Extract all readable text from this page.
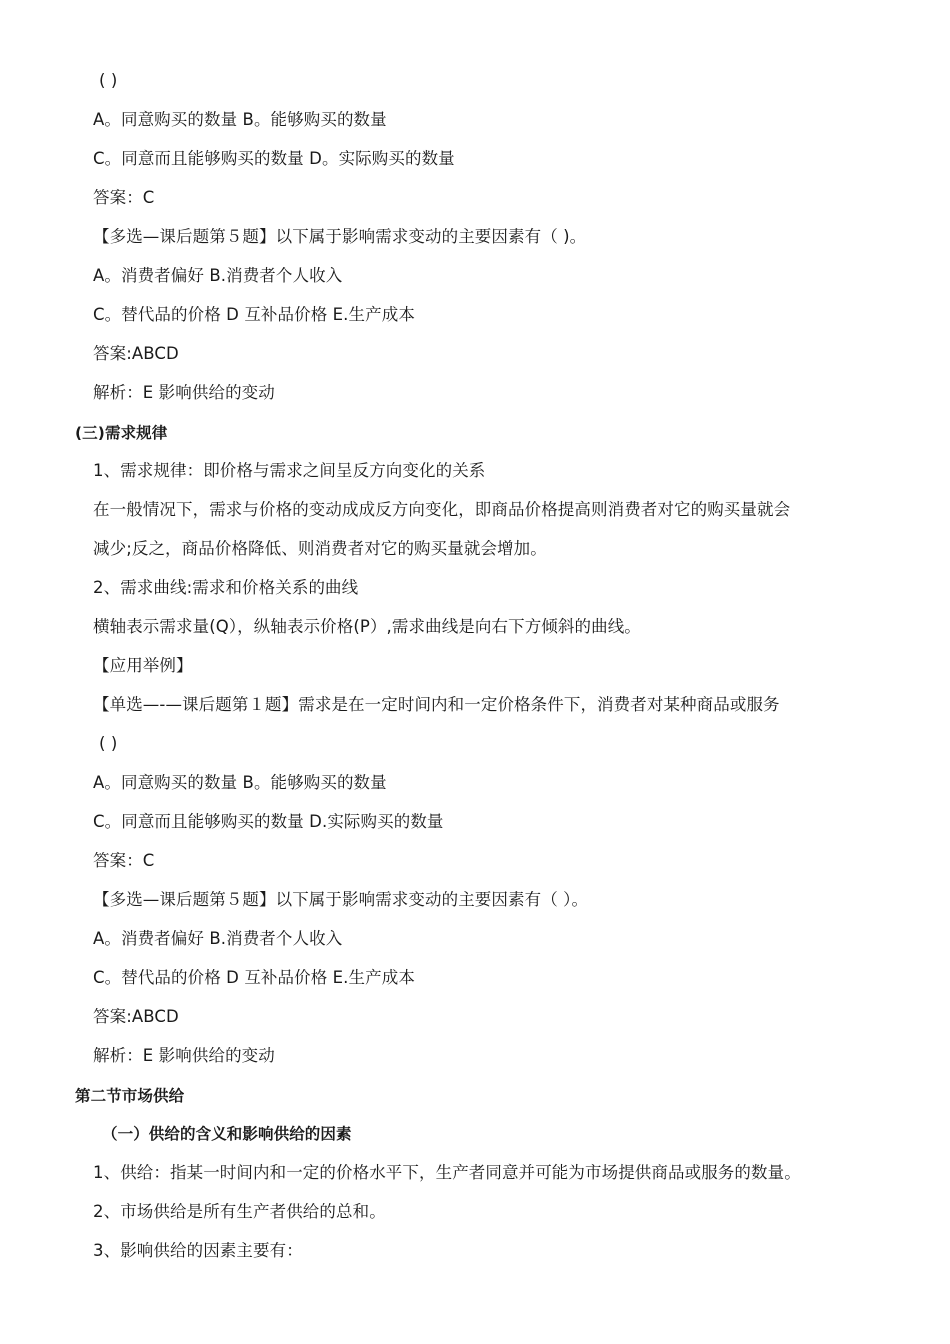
( )
A。同意购买的数量 B。能够购买的数量
C。同意而且能够购买的数量 D。实际购买的数量
答案：C
【多选—课后题第５题】以下属于影响需求变动的主要因素有（ )。
A。消费者偏好 B.消费者个人收入
C。替代品的价格 D 互补品价格 E.生产成本
答案:ABCD
解析：E 影响供给的变动
(三)需求规律
1、需求规律：即价格与需求之间呈反方向变化的关系
在一般情况下，需求与价格的变动成成反方向变化，即商品价格提高则消费者对它的购买量就会
减少;反之，商品价格降低、则消费者对它的购买量就会增加。
2、需求曲线:需求和价格关系的曲线
横轴表示需求量(Q），纵轴表示价格(P）,需求曲线是向右下方倾斜的曲线。
【应用举例】
【单选—-—课后题第１题】需求是在一定时间内和一定价格条件下，消费者对某种商品或服务
( )
A。同意购买的数量 B。能够购买的数量
C。同意而且能够购买的数量 D.实际购买的数量
答案：C
【多选—课后题第５题】以下属于影响需求变动的主要因素有（ ）。
A。消费者偏好 B.消费者个人收入
C。替代品的价格 D 互补品价格 E.生产成本
答案:ABCD
解析：E 影响供给的变动
第二节市场供给
（一）供给的含义和影响供给的因素
1、供给：指某一时间内和一定的价格水平下，生产者同意并可能为市场提供商品或服务的数量。
2、市场供给是所有生产者供给的总和。
3、影响供给的因素主要有：
